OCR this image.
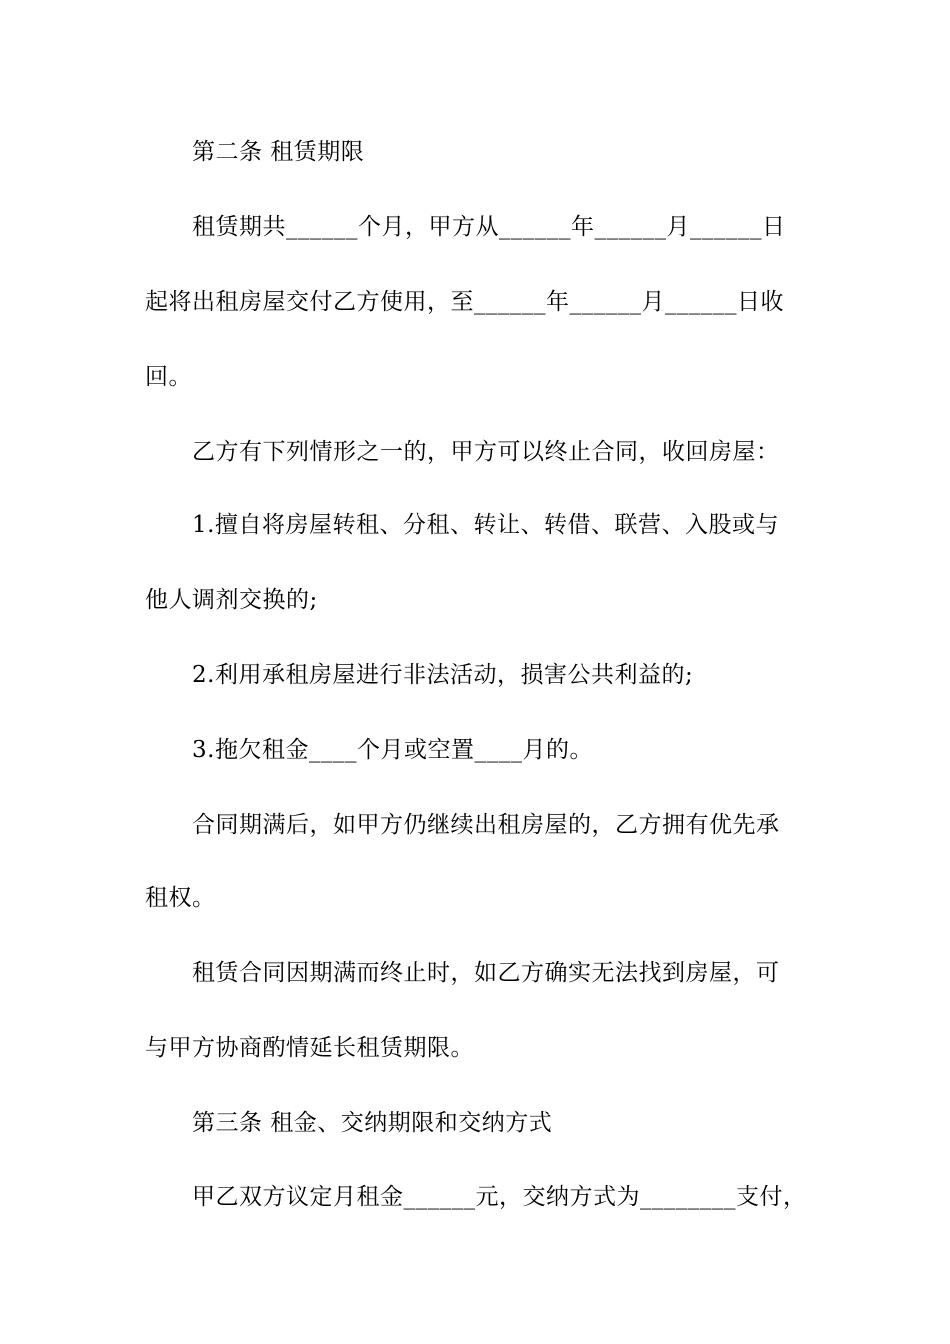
第二条 租赁期限
租赁期共______个月，甲方从______年______月______日
起将出租房屋交付乙方使用，至______年______月______日收
回。
乙方有下列情形之一的，甲方可以终止合同，收回房屋：
1.擅自将房屋转租、分租、转让、转借、联营、入股或与
他人调剂交换的;
2.利用承租房屋进行非法活动，损害公共利益的;
3.拖欠租金____个月或空置____月的。
合同期满后，如甲方仍继续出租房屋的，乙方拥有优先承
租权。
租赁合同因期满而终止时，如乙方确实无法找到房屋，可
与甲方协商酌情延长租赁期限。
第三条 租金、交纳期限和交纳方式
甲乙双方议定月租金______元，交纳方式为________支付，
